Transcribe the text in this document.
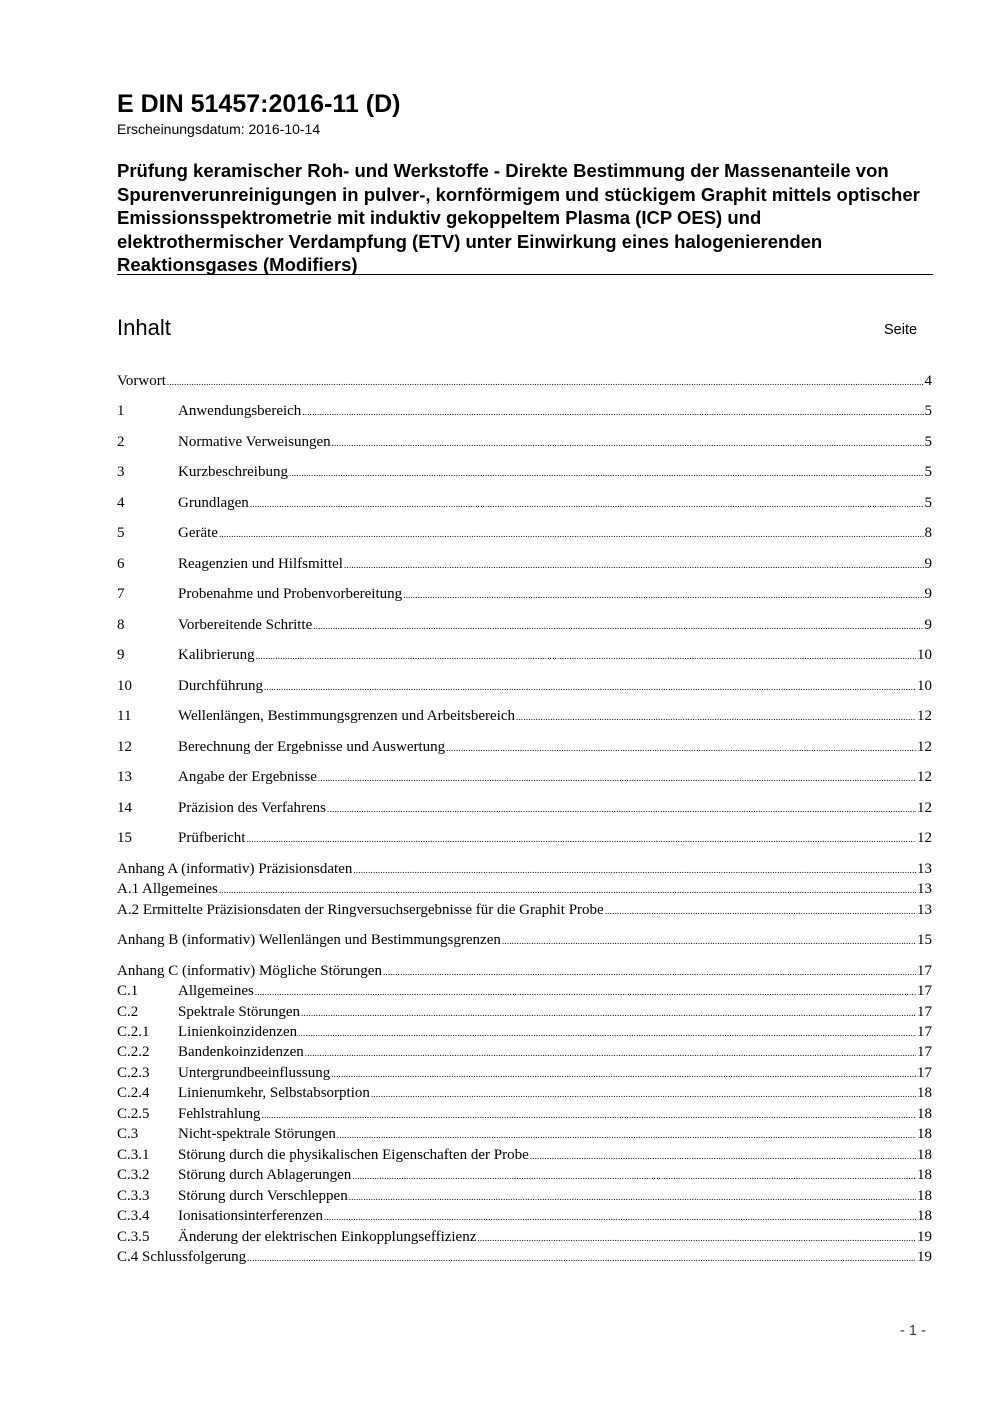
E DIN 51457:2016-11 (D)
Erscheinungsdatum: 2016-10-14

Prüfung keramischer Roh- und Werkstoffe - Direkte Bestimmung der Massenanteile von Spurenverunreinigungen in pulver-, kornförmigem und stückigem Graphit mittels optischer Emissionsspektrometrie mit induktiv gekoppeltem Plasma (ICP OES) und elektrothermischer Verdampfung (ETV) unter Einwirkung eines halogenierenden Reaktionsgases (Modifiers)

Inhalt	Seite
Vorwort .....	4
1	Anwendungsbereich .....	5
2	Normative Verweisungen .....	5
3	Kurzbeschreibung .....	5
4	Grundlagen .....	5
5	Geräte .....	8
6	Reagenzien und Hilfsmittel .....	9
7	Probenahme und Probenvorbereitung .....	9
8	Vorbereitende Schritte .....	9
9	Kalibrierung .....	10
10	Durchführung .....	10
11	Wellenlängen, Bestimmungsgrenzen und Arbeitsbereich .....	12
12	Berechnung der Ergebnisse und Auswertung .....	12
13	Angabe der Ergebnisse .....	12
14	Präzision des Verfahrens .....	12
15	Prüfbericht .....	12
Anhang A (informativ) Präzisionsdaten .....	13
A.1 Allgemeines .....	13
A.2 Ermittelte Präzisionsdaten der Ringversuchsergebnisse für die Graphit Probe .....	13
Anhang B (informativ) Wellenlängen und Bestimmungsgrenzen .....	15
Anhang C (informativ) Mögliche Störungen .....	17
C.1	Allgemeines .....	17
C.2	Spektrale Störungen .....	17
C.2.1	Linienkoinzidenzen .....	17
C.2.2	Bandenkoinzidenzen .....	17
C.2.3	Untergrundbeeinflussung .....	17
C.2.4	Linienumkehr, Selbstabsorption .....	18
C.2.5	Fehlstrahlung .....	18
C.3	Nicht-spektrale Störungen .....	18
C.3.1	Störung durch die physikalischen Eigenschaften der Probe .....	18
C.3.2	Störung durch Ablagerungen .....	18
C.3.3	Störung durch Verschleppen .....	18
C.3.4	Ionisationsinterferenzen .....	18
C.3.5	Änderung der elektrischen Einkopplungseffizienz .....	19
C.4 Schlussfolgerung .....	19
- 1 -
